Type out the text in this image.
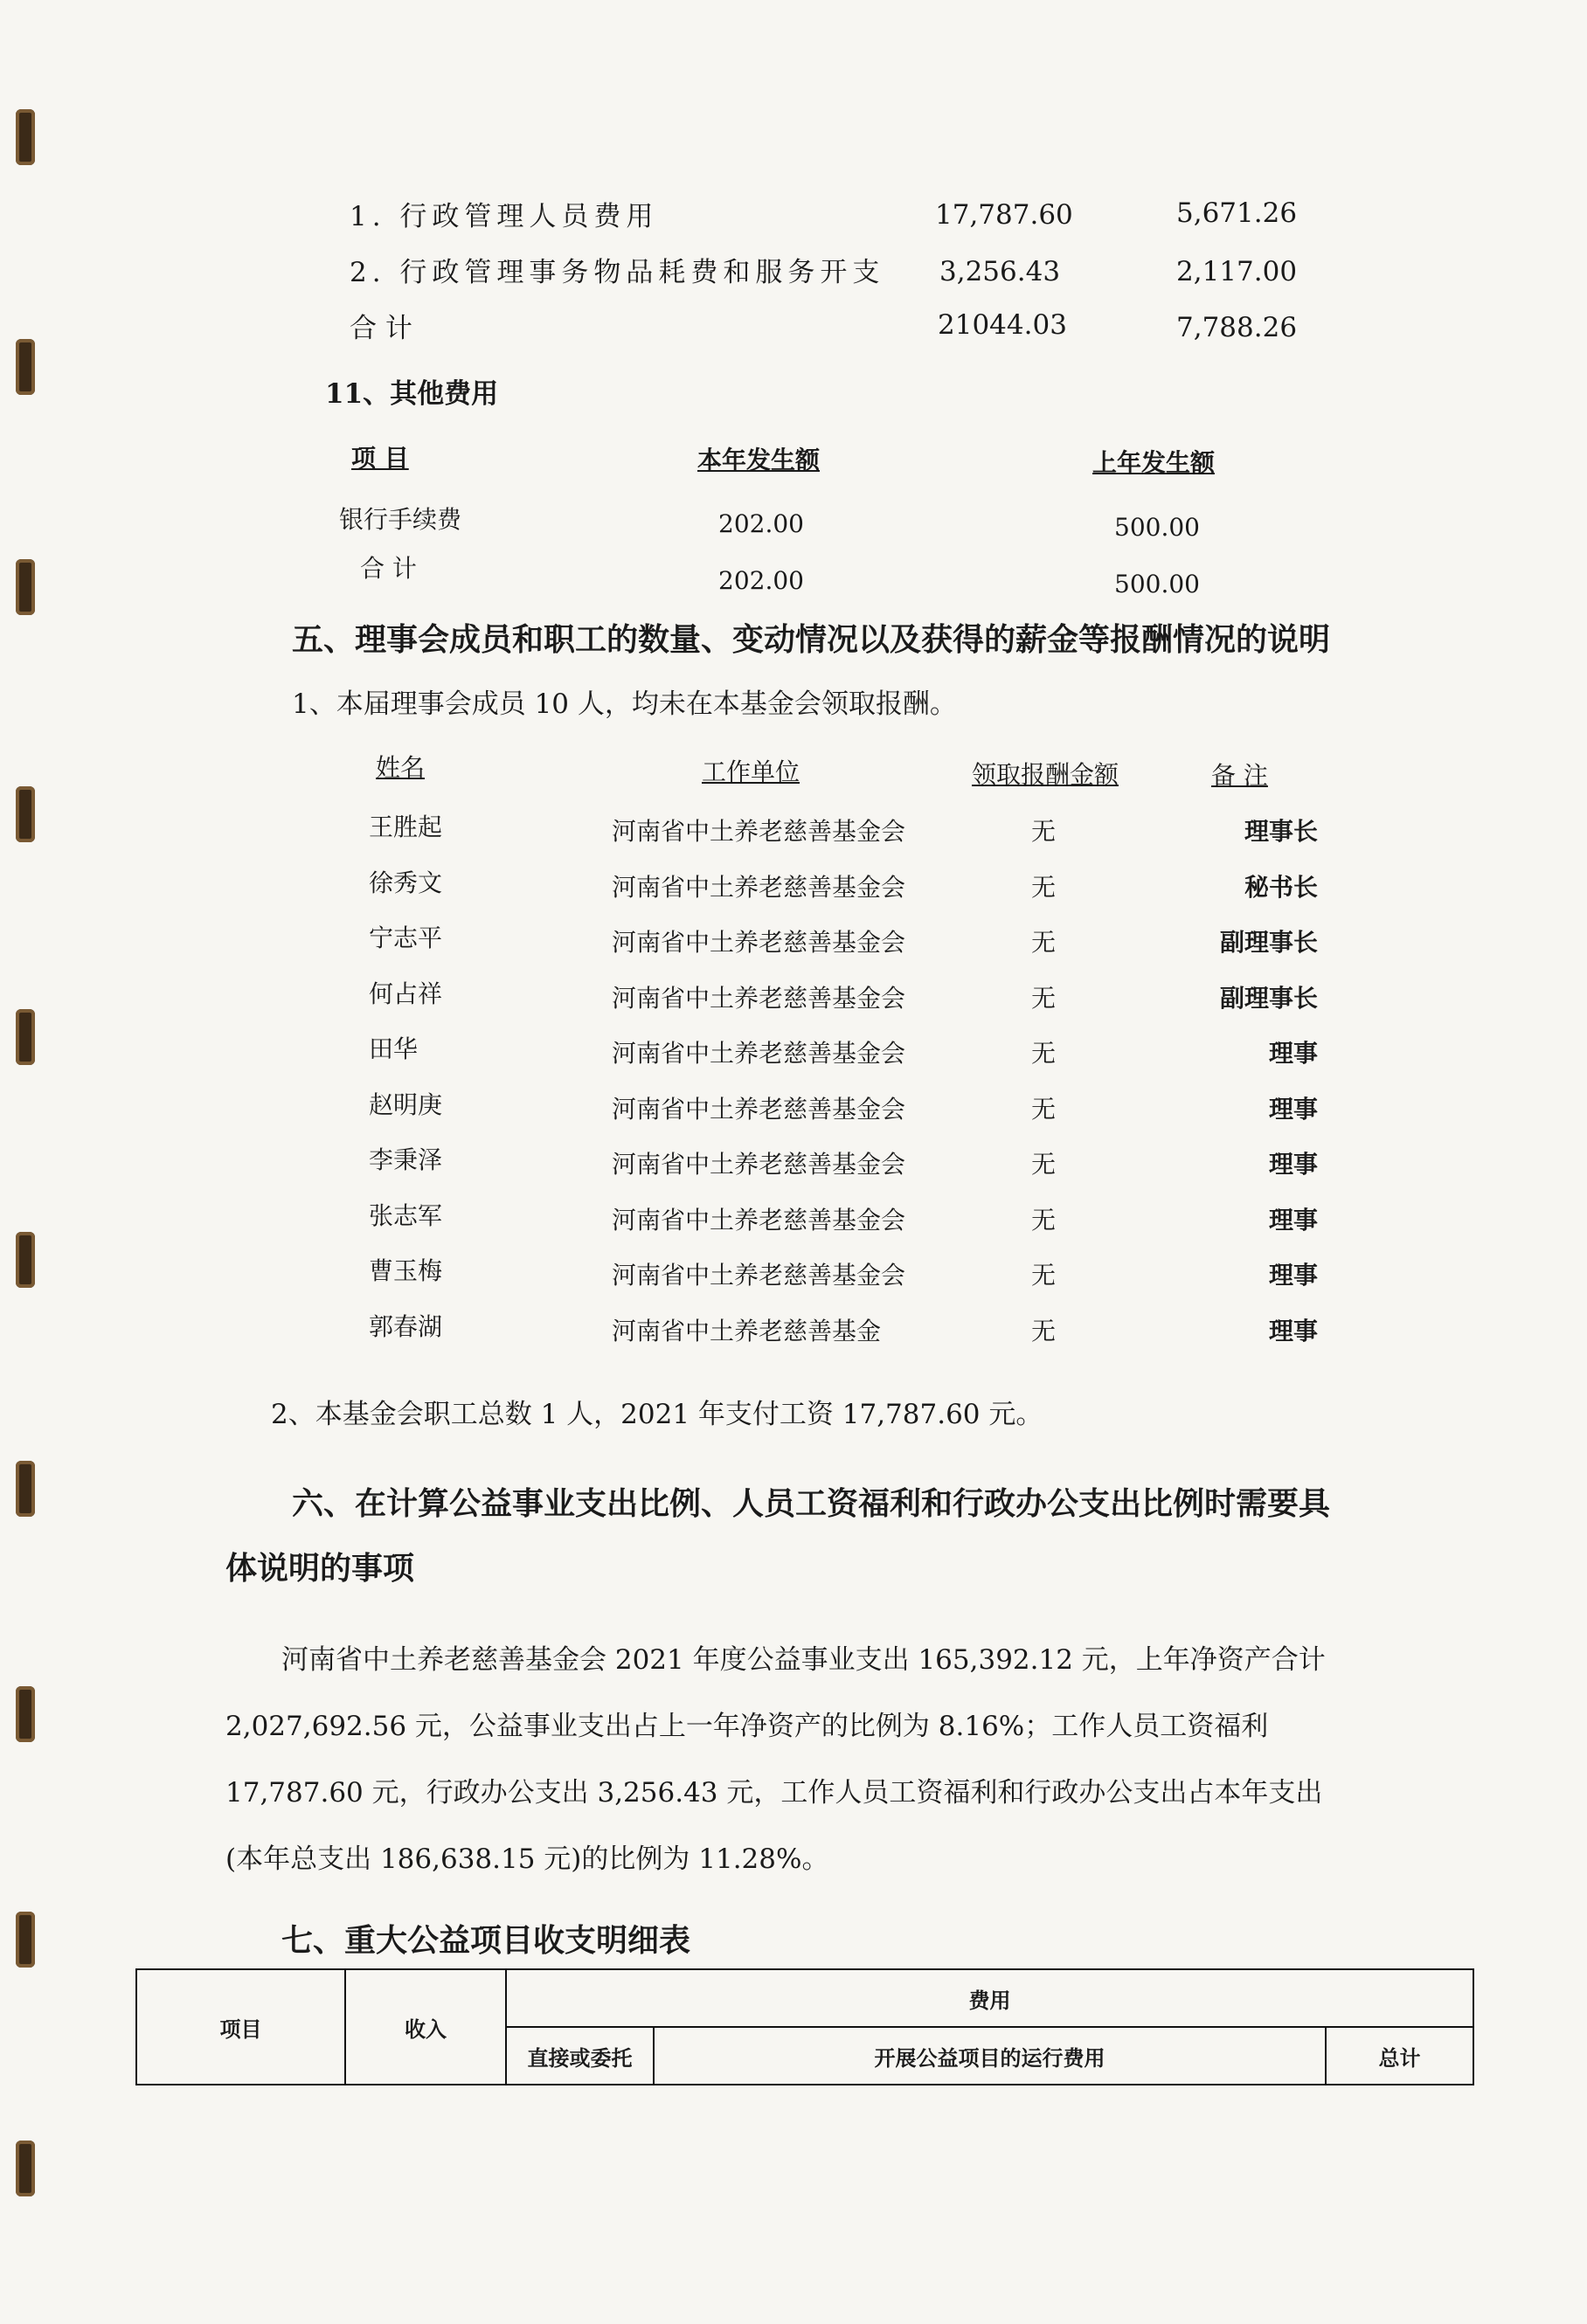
1. 行政管理人员费用	17,787.60	5,671.26
2. 行政管理事务物品耗费和服务开支 3,256.43	2,117.00
合 计	21044.03	7,788.26
11、其他费用
项 目	本年发生额	上年发生额
银行手续费	202.00	500.00
合 计	202.00	500.00
五、理事会成员和职工的数量、变动情况以及获得的薪金等报酬情况的说明
1、本届理事会成员 10 人，均未在本基金会领取报酬。
姓名	工作单位	领取报酬金额	备 注
王胜起	河南省中土养老慈善基金会	无	理事长
徐秀文	河南省中土养老慈善基金会	无	秘书长
宁志平	河南省中土养老慈善基金会	无	副理事长
何占祥	河南省中土养老慈善基金会	无	副理事长
田华	河南省中土养老慈善基金会	无	理事
赵明庚	河南省中土养老慈善基金会	无	理事
李秉泽	河南省中土养老慈善基金会	无	理事
张志军	河南省中土养老慈善基金会	无	理事
曹玉梅	河南省中土养老慈善基金会	无	理事
郭春湖	河南省中土养老慈善基金	无	理事
2、本基金会职工总数 1 人，2021 年支付工资 17,787.60 元。
六、在计算公益事业支出比例、人员工资福利和行政办公支出比例时需要具
体说明的事项
河南省中土养老慈善基金会 2021 年度公益事业支出 165,392.12 元，上年净资产合计
2,027,692.56 元，公益事业支出占上一年净资产的比例为 8.16%；工作人员工资福利
17,787.60 元，行政办公支出 3,256.43 元，工作人员工资福利和行政办公支出占本年支出
(本年总支出 186,638.15 元)的比例为 11.28%。
七、重大公益项目收支明细表
项目	收入	费用		
		直接或委托	开展公益项目的运行费用	总计
